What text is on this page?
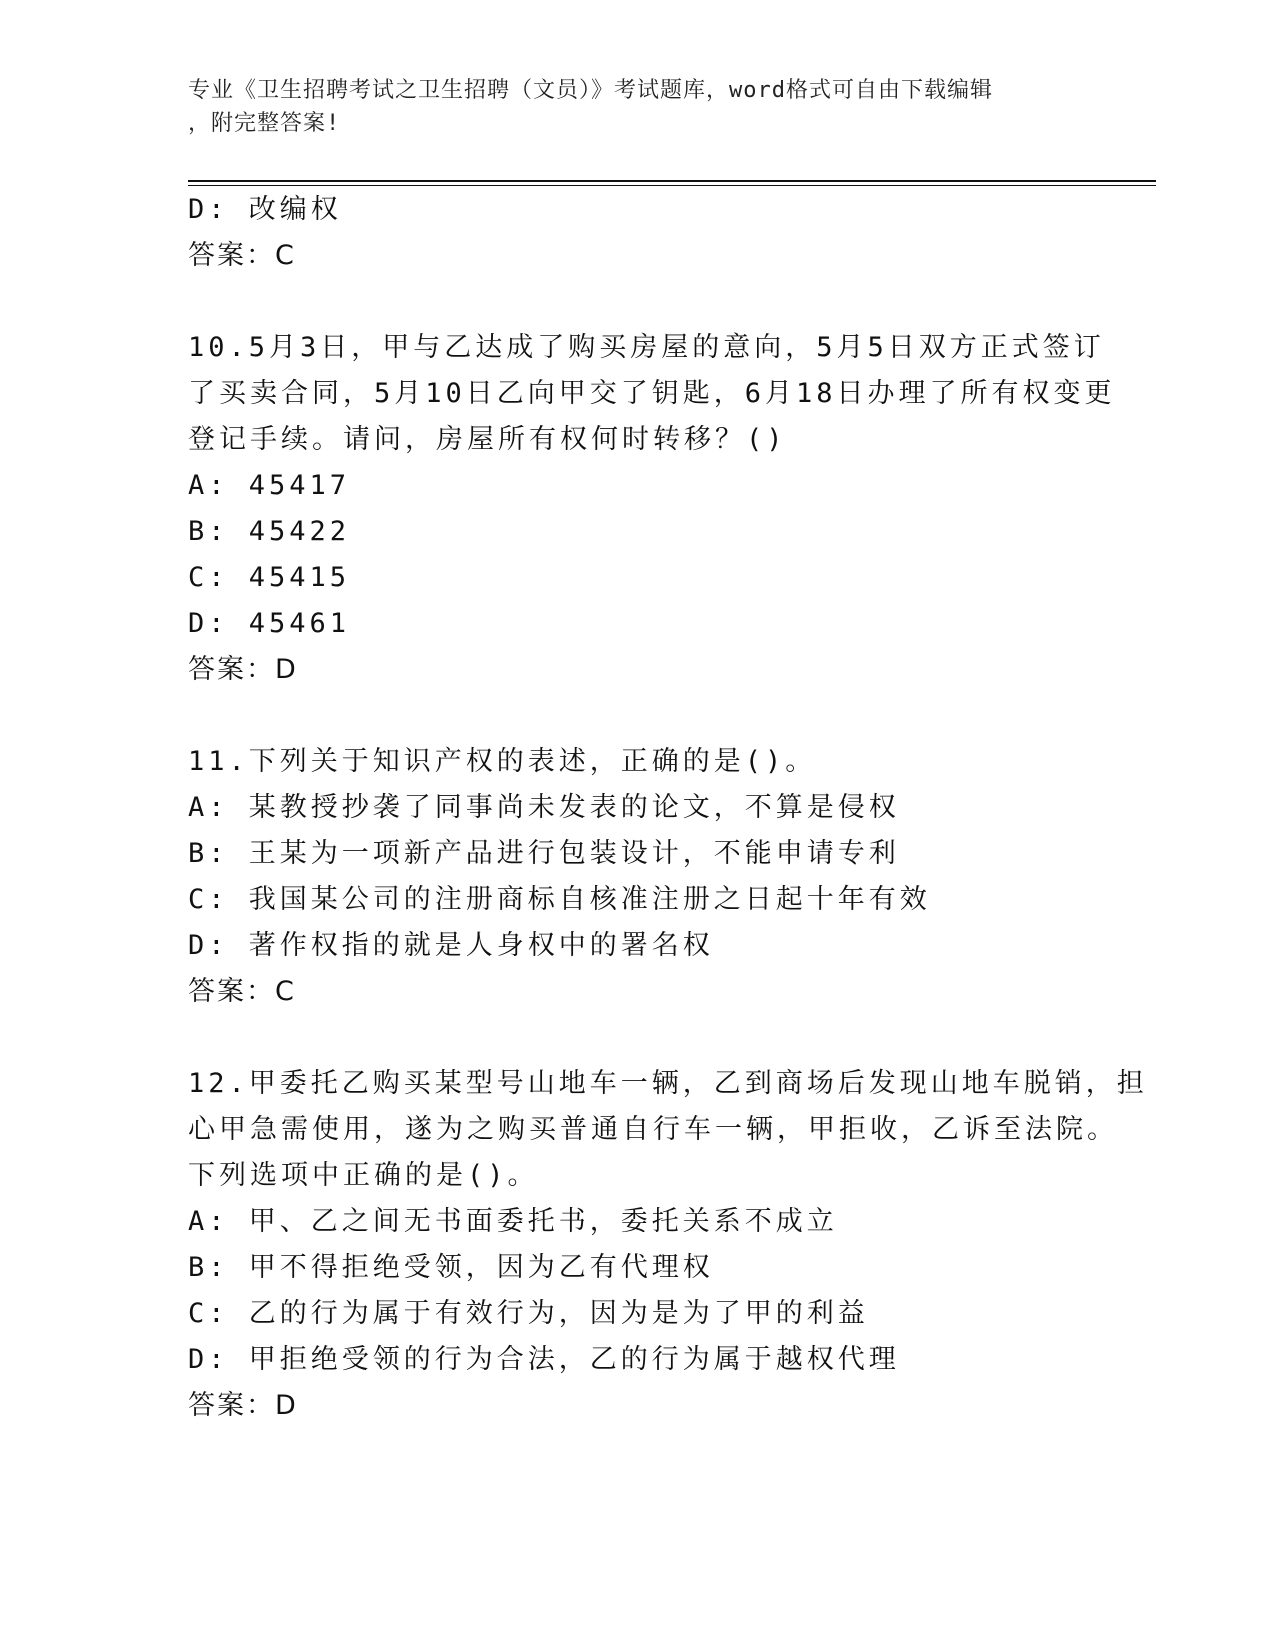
专业《卫生招聘考试之卫生招聘（文员）》考试题库，word格式可自由下载编辑
，附完整答案!
D: 改编权
答案：C
10.5月3日，甲与乙达成了购买房屋的意向，5月5日双方正式签订
了买卖合同，5月10日乙向甲交了钥匙，6月18日办理了所有权变更
登记手续。请问，房屋所有权何时转移？()
A: 45417
B: 45422
C: 45415
D: 45461
答案：D
11.下列关于知识产权的表述，正确的是()。
A: 某教授抄袭了同事尚未发表的论文，不算是侵权
B: 王某为一项新产品进行包装设计，不能申请专利
C: 我国某公司的注册商标自核准注册之日起十年有效
D: 著作权指的就是人身权中的署名权
答案：C
12.甲委托乙购买某型号山地车一辆，乙到商场后发现山地车脱销，担
心甲急需使用，遂为之购买普通自行车一辆，甲拒收，乙诉至法院。
下列选项中正确的是()。
A: 甲、乙之间无书面委托书，委托关系不成立
B: 甲不得拒绝受领，因为乙有代理权
C: 乙的行为属于有效行为，因为是为了甲的利益
D: 甲拒绝受领的行为合法，乙的行为属于越权代理
答案：D
